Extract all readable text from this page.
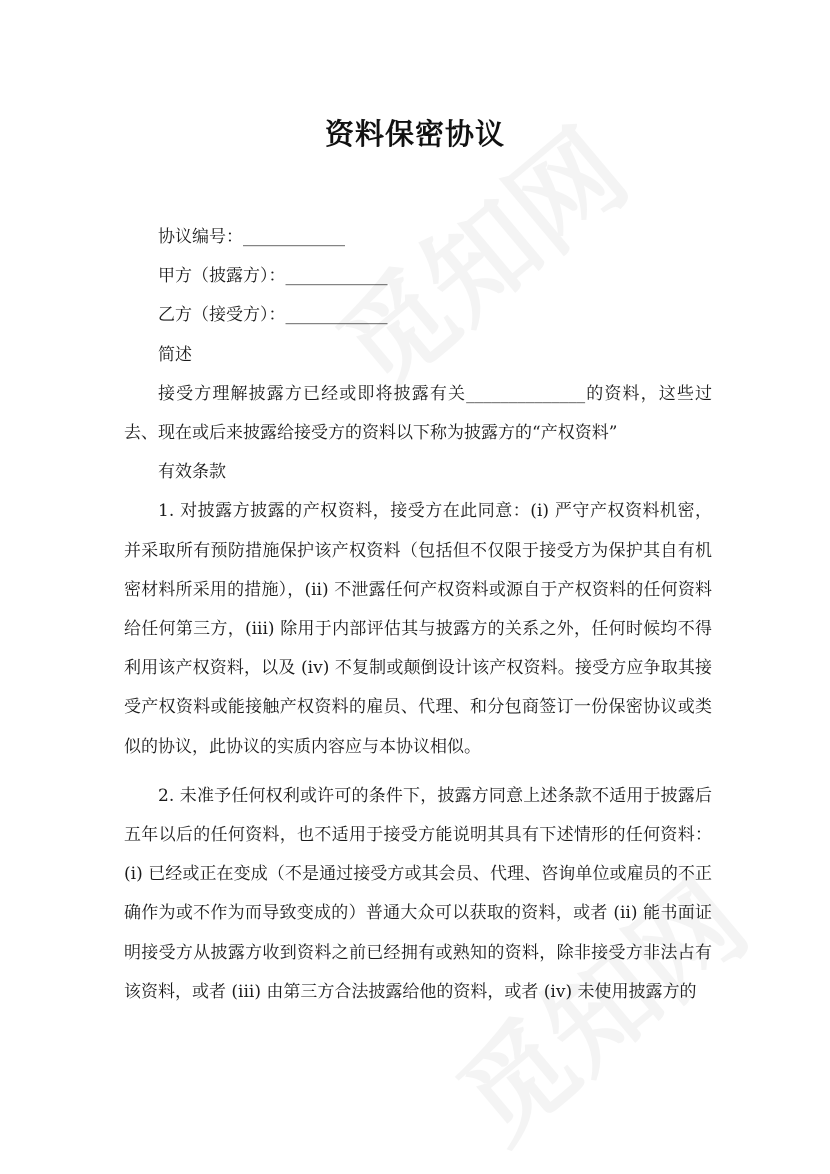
资料保密协议

协议编号：____________

甲方（披露方）：____________

乙方（接受方）：____________

简述

接受方理解披露方已经或即将披露有关______________的资料，这些过去、现在或后来披露给接受方的资料以下称为披露方的“产权资料”

有效条款

1. 对披露方披露的产权资料，接受方在此同意：(i) 严守产权资料机密，并采取所有预防措施保护该产权资料（包括但不仅限于接受方为保护其自有机密材料所采用的措施），(ii) 不泄露任何产权资料或源自于产权资料的任何资料给任何第三方，(iii) 除用于内部评估其与披露方的关系之外，任何时候均不得利用该产权资料，以及 (iv) 不复制或颠倒设计该产权资料。接受方应争取其接受产权资料或能接触产权资料的雇员、代理、和分包商签订一份保密协议或类似的协议，此协议的实质内容应与本协议相似。

2. 未准予任何权利或许可的条件下，披露方同意上述条款不适用于披露后五年以后的任何资料，也不适用于接受方能说明其具有下述情形的任何资料：(i) 已经或正在变成（不是通过接受方或其会员、代理、咨询单位或雇员的不正确作为或不作为而导致变成的）普通大众可以获取的资料，或者 (ii) 能书面证明接受方从披露方收到资料之前已经拥有或熟知的资料，除非接受方非法占有该资料，或者 (iii) 由第三方合法披露给他的资料，或者 (iv) 未使用披露方的
